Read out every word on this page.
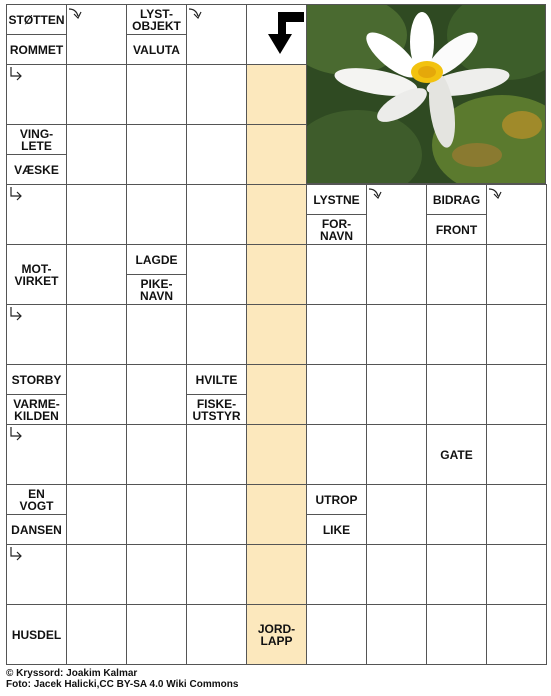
STØTTEN
ROMMET
LYST-
OBJEKT
VALUTA
VING-
LETE
VÆSKE
LYSTNE
FOR-
NAVN
BIDRAG
FRONT
MOT-
VIRKET
LAGDE
PIKE-
NAVN
STORBY
VARME-
KILDEN
HVILTE
FISKE-
UTSTYR
GATE
EN
VOGT
DANSEN
UTROP
LIKE
HUSDEL	JORD-
LAPP
© Kryssord: Joakim Kalmar
Foto: Jacek Halicki,CC BY-SA 4.0 Wiki Commons
